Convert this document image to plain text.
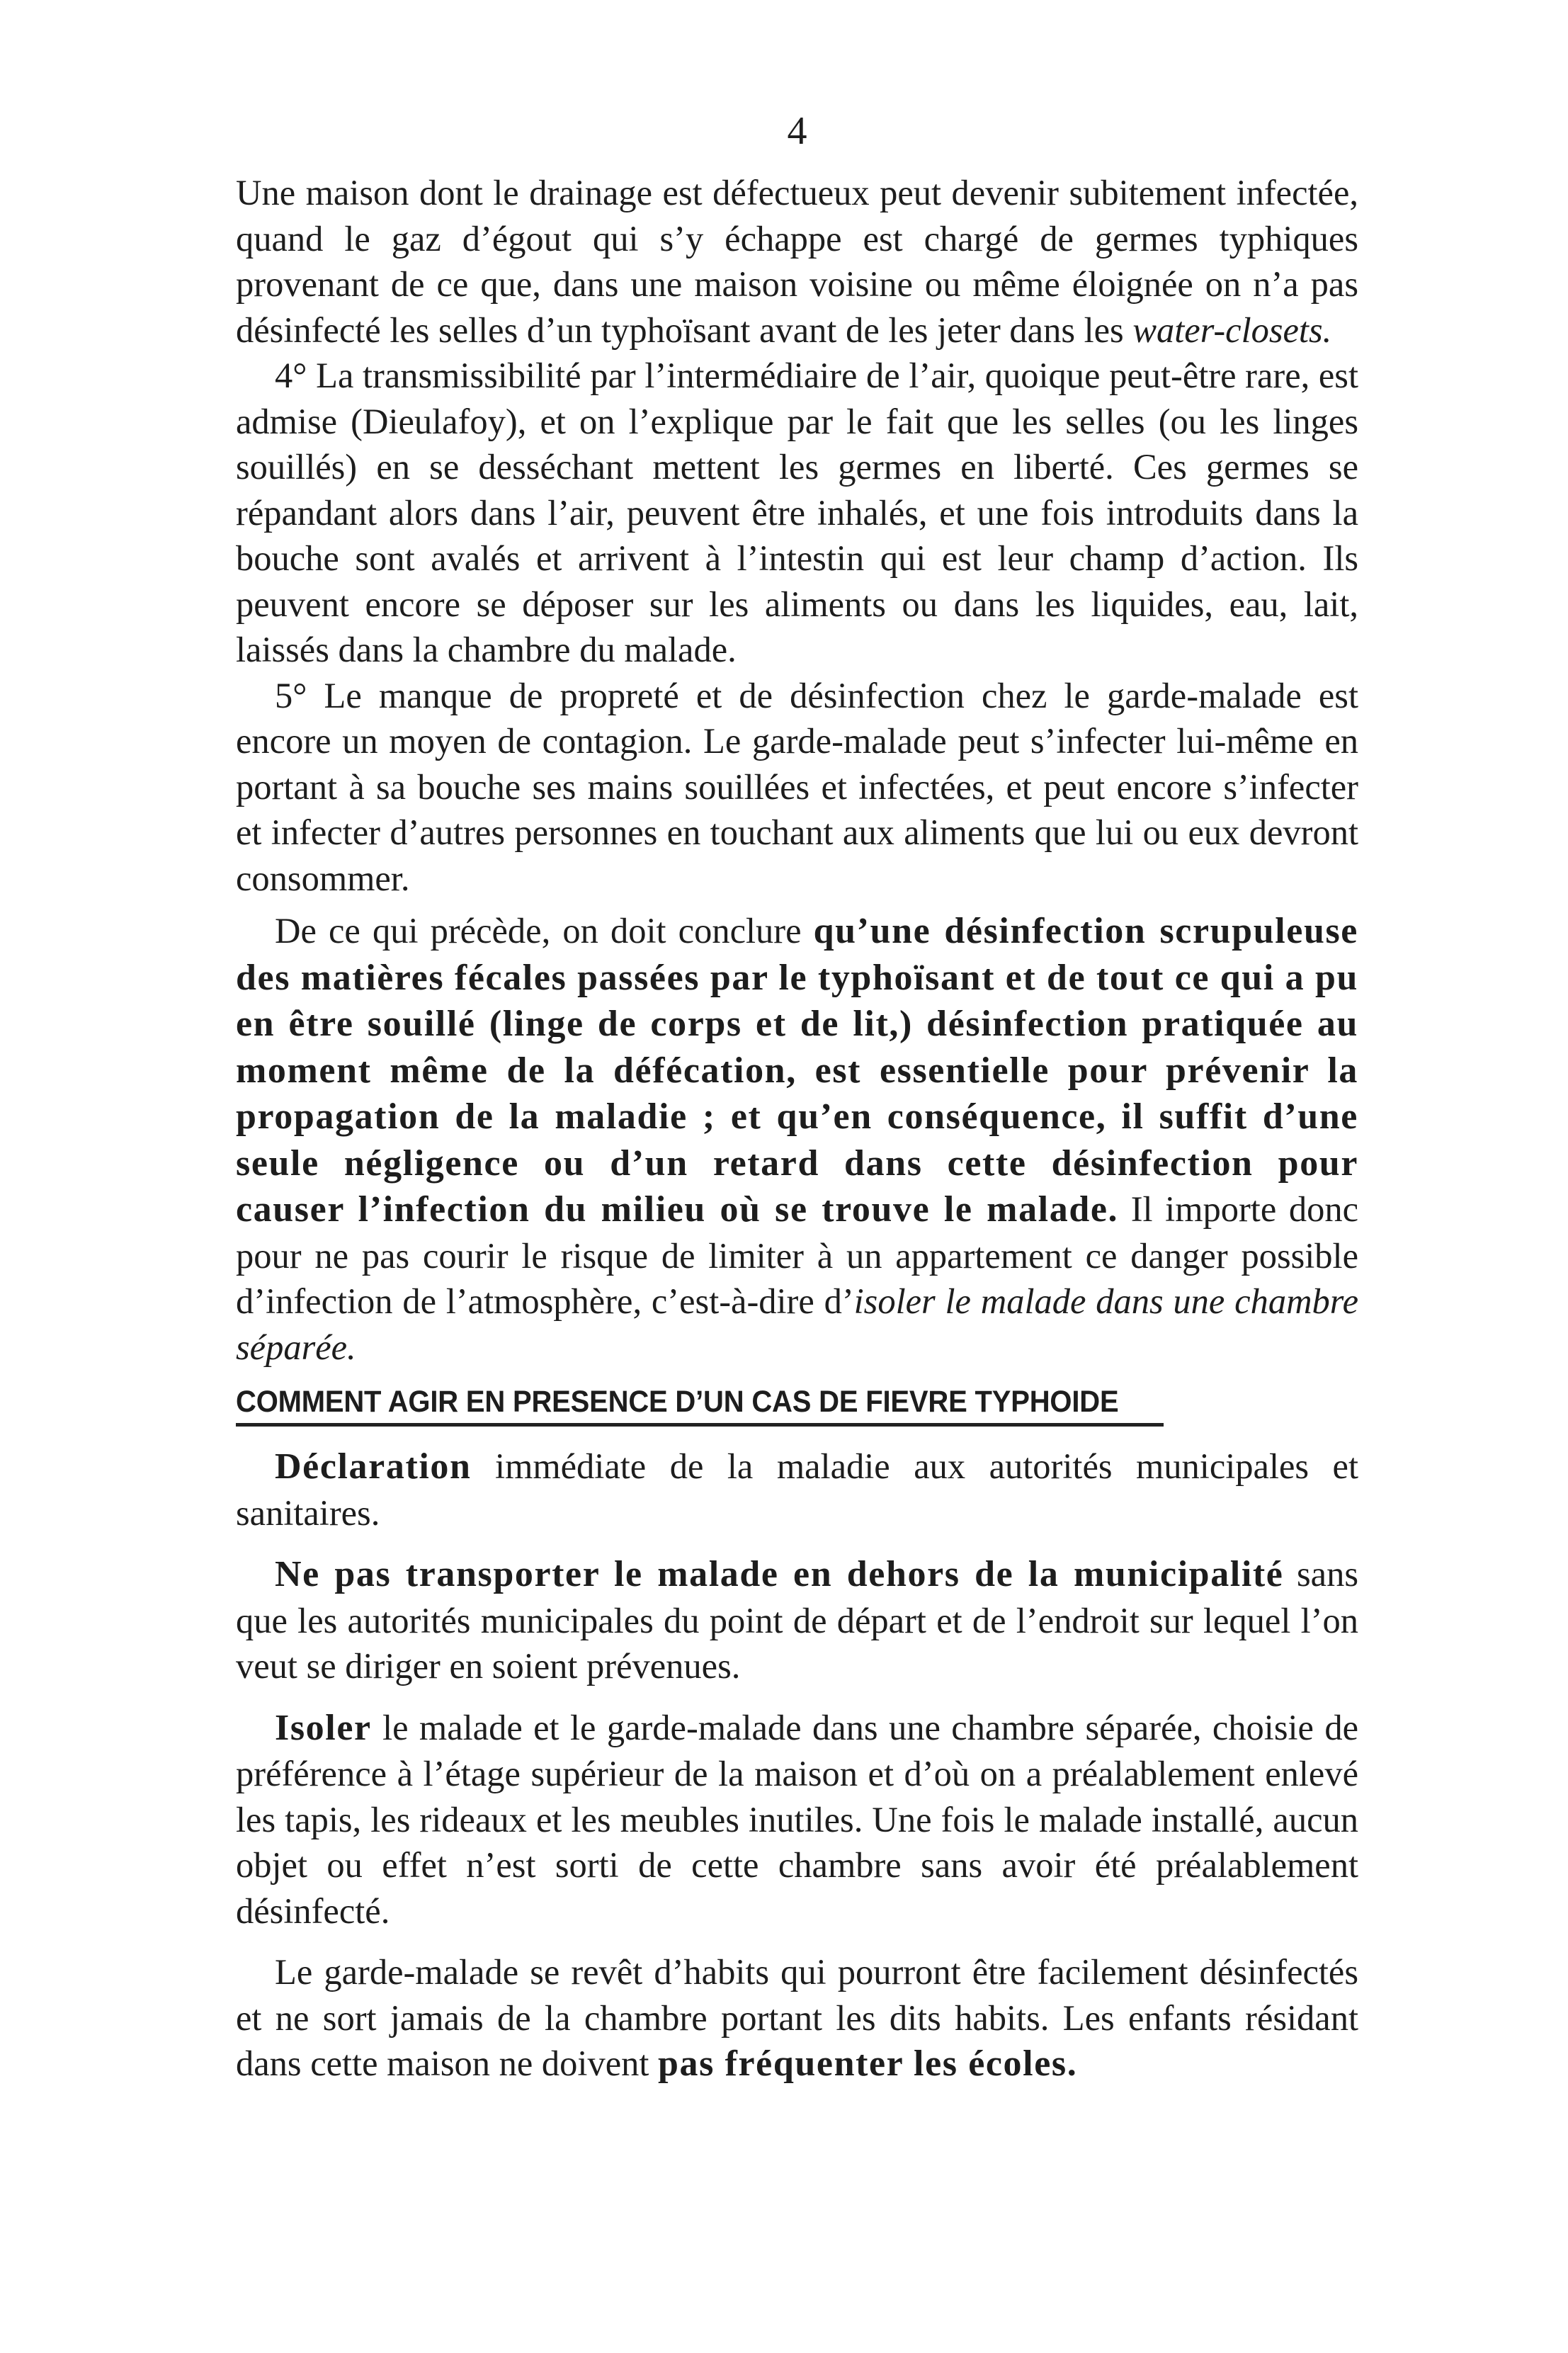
4

Une maison dont le drainage est défectueux peut devenir subitement infectée, quand le gaz d’égout qui s’y échappe est chargé de germes typhiques provenant de ce que, dans une maison voisine ou même éloignée on n’a pas désinfecté les selles d’un typhoïsant avant de les jeter dans les water-closets.

4° La transmissibilité par l’intermédiaire de l’air, quoique peut-être rare, est admise (Dieulafoy), et on l’explique par le fait que les selles (ou les linges souillés) en se desséchant mettent les germes en liberté. Ces germes se répandant alors dans l’air, peuvent être inhalés, et une fois introduits dans la bouche sont avalés et arrivent à l’intestin qui est leur champ d’action. Ils peuvent encore se déposer sur les aliments ou dans les liquides, eau, lait, laissés dans la chambre du malade.

5° Le manque de propreté et de désinfection chez le garde-malade est encore un moyen de contagion. Le garde-malade peut s’infecter lui-même en portant à sa bouche ses mains souillées et infectées, et peut encore s’infecter et infecter d’autres personnes en touchant aux aliments que lui ou eux devront consommer.

De ce qui précède, on doit conclure qu’une désinfection scrupuleuse des matières fécales passées par le typhoïsant et de tout ce qui a pu en être souillé (linge de corps et de lit,) désinfection pratiquée au moment même de la défécation, est essentielle pour prévenir la propagation de la maladie ; et qu’en conséquence, il suffit d’une seule négligence ou d’un retard dans cette désinfection pour causer l’infection du milieu où se trouve le malade. Il importe donc pour ne pas courir le risque de limiter à un appartement ce danger possible d’infection de l’atmosphère, c’est-à-dire d’isoler le malade dans une chambre séparée.

COMMENT AGIR EN PRESENCE D’UN CAS DE FIEVRE TYPHOIDE

Déclaration immédiate de la maladie aux autorités municipales et sanitaires.

Ne pas transporter le malade en dehors de la municipalité sans que les autorités municipales du point de départ et de l’endroit sur lequel l’on veut se diriger en soient prévenues.

Isoler le malade et le garde-malade dans une chambre séparée, choisie de préférence à l’étage supérieur de la maison et d’où on a préalablement enlevé les tapis, les rideaux et les meubles inutiles. Une fois le malade installé, aucun objet ou effet n’est sorti de cette chambre sans avoir été préalablement désinfecté.

Le garde-malade se revêt d’habits qui pourront être facilement désinfectés et ne sort jamais de la chambre portant les dits habits. Les enfants résidant dans cette maison ne doivent pas fréquenter les écoles.
